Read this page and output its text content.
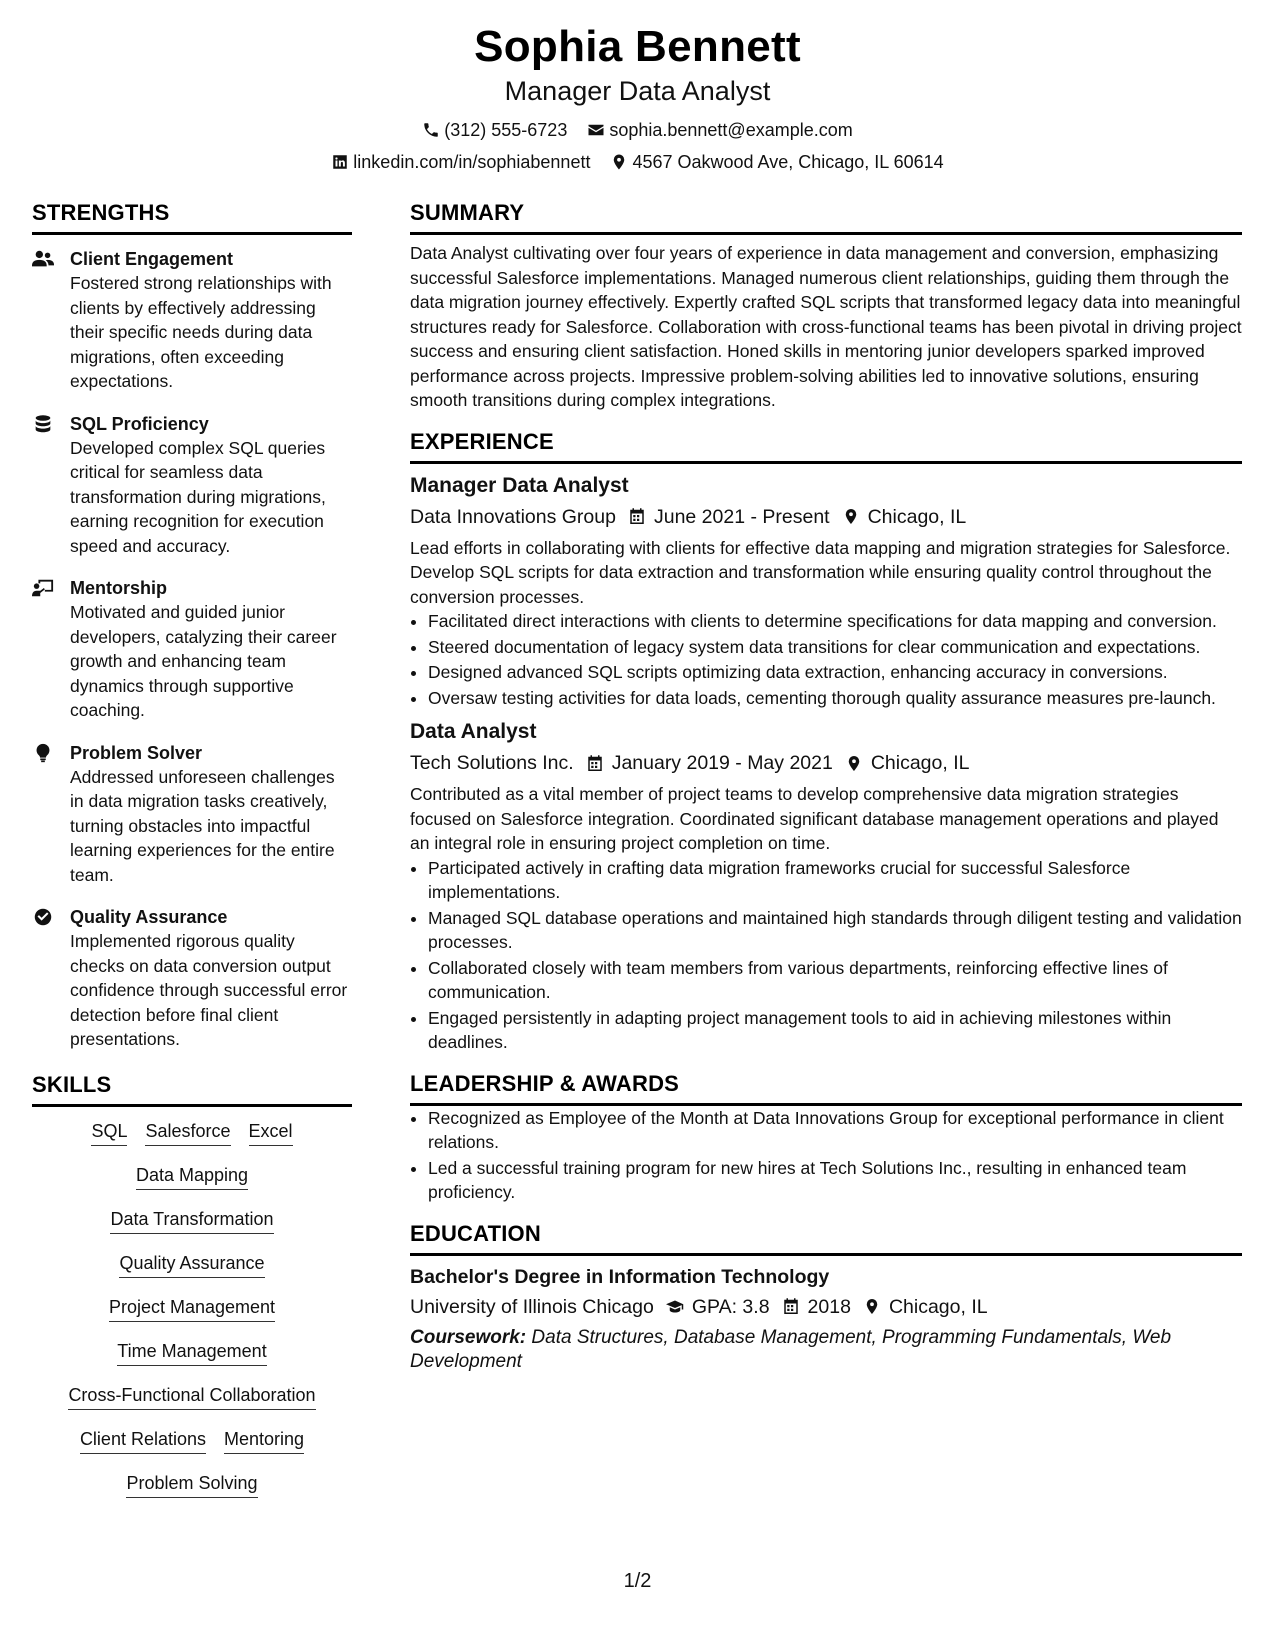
Sophia Bennett
Manager Data Analyst
(312) 555-6723 sophia.bennett@example.com
linkedin.com/in/sophiabennett 4567 Oakwood Ave, Chicago, IL 60614
STRENGTHS
Client Engagement
Fostered strong relationships with clients by effectively addressing their specific needs during data migrations, often exceeding expectations.
SQL Proficiency
Developed complex SQL queries critical for seamless data transformation during migrations, earning recognition for execution speed and accuracy.
Mentorship
Motivated and guided junior developers, catalyzing their career growth and enhancing team dynamics through supportive coaching.
Problem Solver
Addressed unforeseen challenges in data migration tasks creatively, turning obstacles into impactful learning experiences for the entire team.
Quality Assurance
Implemented rigorous quality checks on data conversion output confidence through successful error detection before final client presentations.
SKILLS
SQL Salesforce Excel
Data Mapping
Data Transformation
Quality Assurance
Project Management
Time Management
Cross-Functional Collaboration
Client Relations Mentoring
Problem Solving
SUMMARY
Data Analyst cultivating over four years of experience in data management and conversion, emphasizing successful Salesforce implementations. Managed numerous client relationships, guiding them through the data migration journey effectively. Expertly crafted SQL scripts that transformed legacy data into meaningful structures ready for Salesforce. Collaboration with cross-functional teams has been pivotal in driving project success and ensuring client satisfaction. Honed skills in mentoring junior developers sparked improved performance across projects. Impressive problem-solving abilities led to innovative solutions, ensuring smooth transitions during complex integrations.
EXPERIENCE
Manager Data Analyst
Data Innovations Group June 2021 - Present Chicago, IL
Lead efforts in collaborating with clients for effective data mapping and migration strategies for Salesforce. Develop SQL scripts for data extraction and transformation while ensuring quality control throughout the conversion processes.
• Facilitated direct interactions with clients to determine specifications for data mapping and conversion.
• Steered documentation of legacy system data transitions for clear communication and expectations.
• Designed advanced SQL scripts optimizing data extraction, enhancing accuracy in conversions.
• Oversaw testing activities for data loads, cementing thorough quality assurance measures pre-launch.
Data Analyst
Tech Solutions Inc. January 2019 - May 2021 Chicago, IL
Contributed as a vital member of project teams to develop comprehensive data migration strategies focused on Salesforce integration. Coordinated significant database management operations and played an integral role in ensuring project completion on time.
• Participated actively in crafting data migration frameworks crucial for successful Salesforce implementations.
• Managed SQL database operations and maintained high standards through diligent testing and validation processes.
• Collaborated closely with team members from various departments, reinforcing effective lines of communication.
• Engaged persistently in adapting project management tools to aid in achieving milestones within deadlines.
LEADERSHIP & AWARDS
• Recognized as Employee of the Month at Data Innovations Group for exceptional performance in client relations.
• Led a successful training program for new hires at Tech Solutions Inc., resulting in enhanced team proficiency.
EDUCATION
Bachelor's Degree in Information Technology
University of Illinois Chicago GPA: 3.8 2018 Chicago, IL
Coursework: Data Structures, Database Management, Programming Fundamentals, Web Development
1/2
